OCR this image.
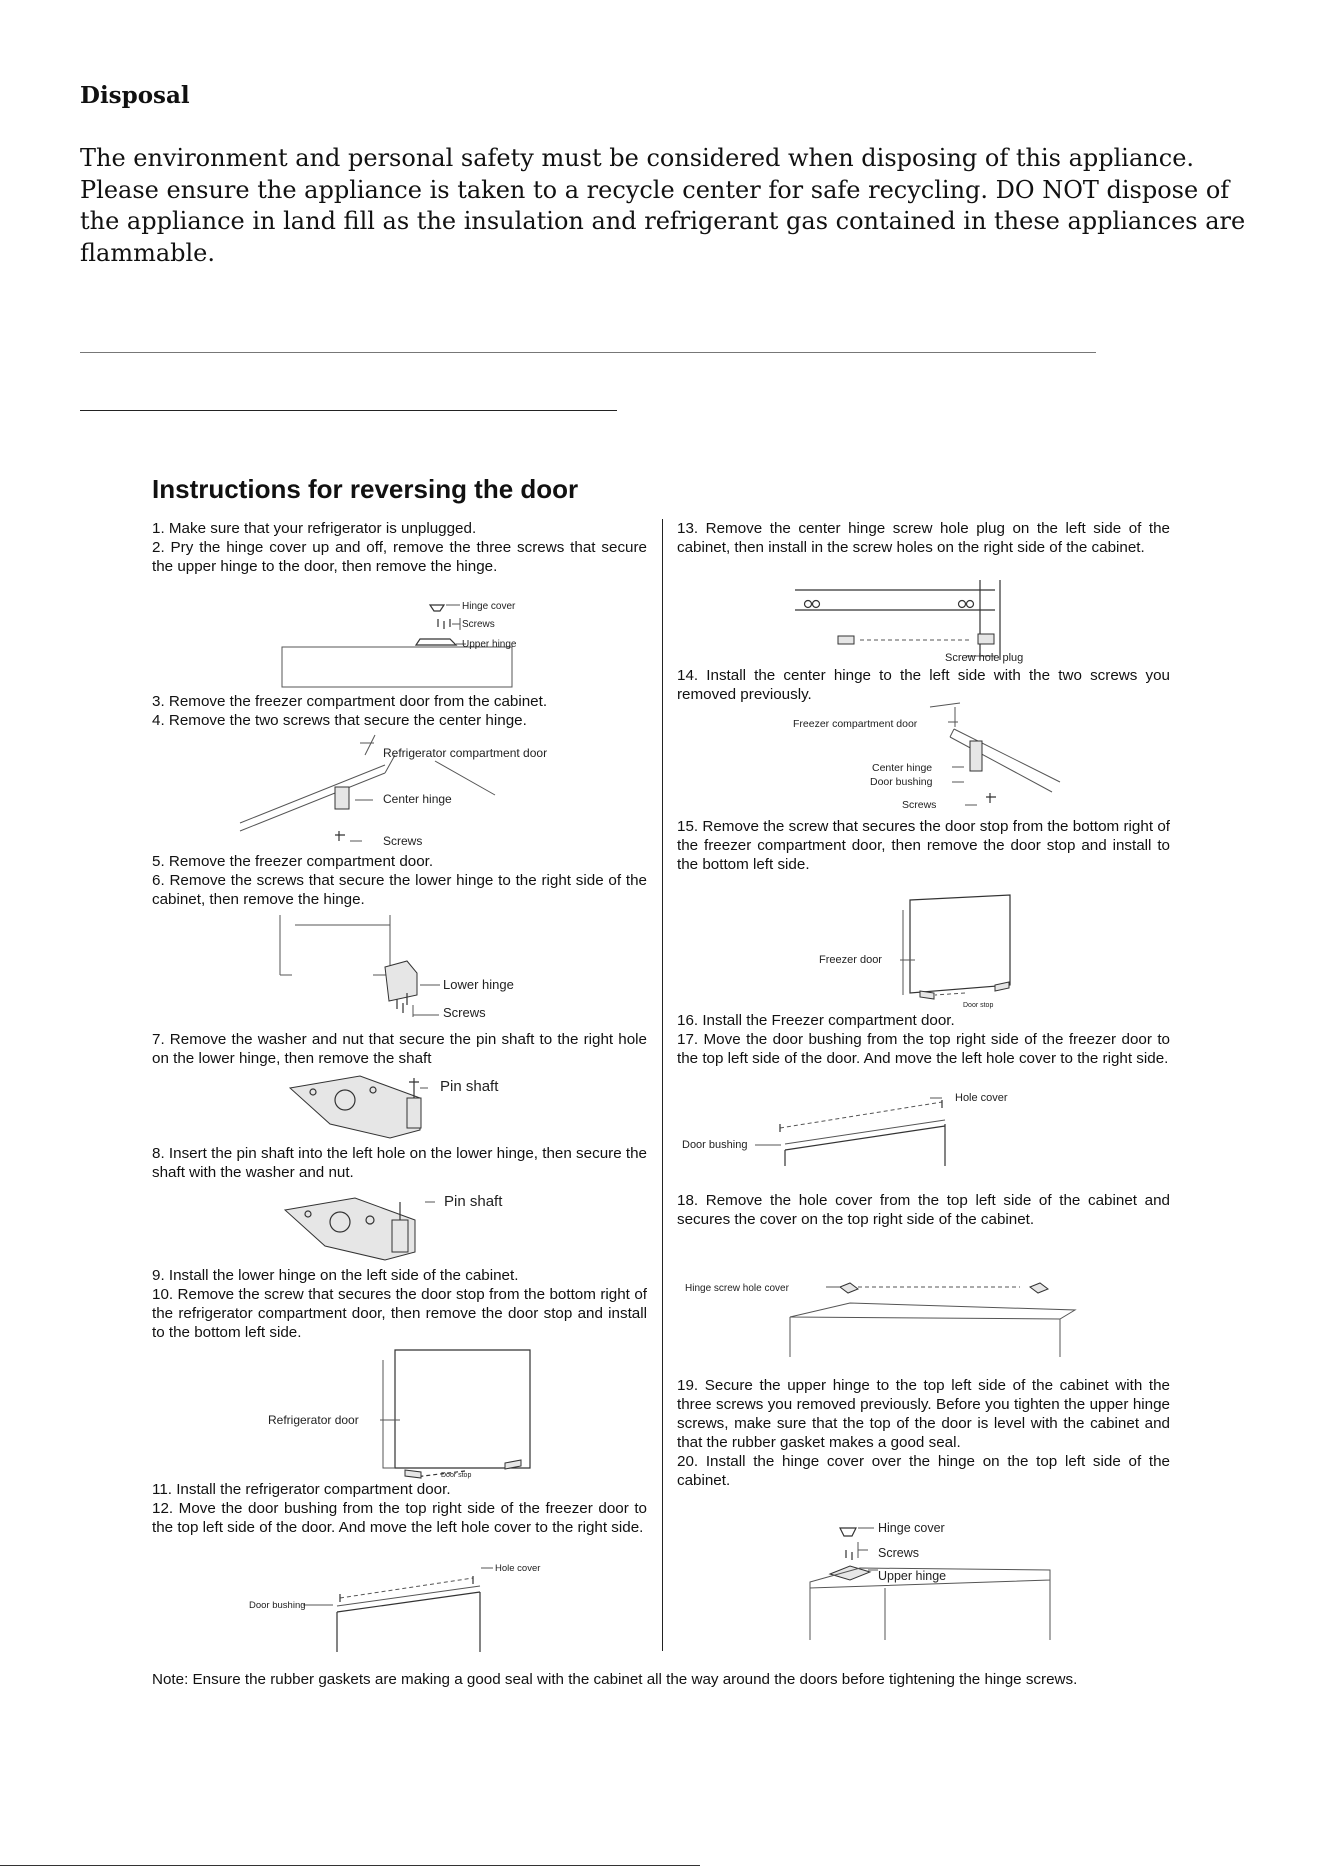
Disposal
The environment and personal safety must be considered when disposing of this appliance. Please ensure the appliance is taken to a recycle center for safe recycling. DO NOT dispose of the appliance in land fill as the insulation and refrigerant gas contained in these appliances are flammable.
Instructions for reversing the door

1. Make sure that your refrigerator is unplugged.

2. Pry the hinge cover up and off, remove the three screws that secure the upper hinge to the door, then remove the hinge.

3. Remove the freezer compartment door from the cabinet.

4. Remove the two screws that secure the center hinge.

5. Remove the freezer compartment door.

6. Remove the screws that secure the lower hinge to the right side of the cabinet, then remove the hinge.

7. Remove the washer and nut that secure the pin shaft to the right hole on the lower hinge, then remove the shaft

8. Insert the pin shaft into the left hole on the lower hinge, then secure the shaft with the washer and nut.

9. Install the lower hinge on the left side of the cabinet.

10. Remove the screw that secures the door stop from the bottom right of the refrigerator compartment door, then remove the door stop and install to the bottom left side.

11. Install the refrigerator compartment door.

12. Move the door bushing from the top right side of the freezer door to the top left side of the door. And move the left hole cover to the right side.

13. Remove the center hinge screw hole plug on the left side of the cabinet, then install in the screw holes on the right side of the cabinet.

14. Install the center hinge to the left side with the two screws you removed previously.

15. Remove the screw that secures the door stop from the bottom right of the freezer compartment door, then remove the door stop and install to the bottom left side.

16. Install the Freezer compartment door.

17. Move the door bushing from the top right side of the freezer door to the top left side of the door. And move the left hole cover to the right side.

18. Remove the hole cover from the top left side of the cabinet and secures the cover on the top right side of the cabinet.

19. Secure the upper hinge to the top left side of the cabinet with the three screws you removed previously. Before you tighten the upper hinge screws, make sure that the top of the door is level with the cabinet and that the rubber gasket makes a good seal.

20. Install the hinge cover over the hinge on the top left side of the cabinet.

Hinge cover
Screws
Upper hinge
Refrigerator compartment door
Center hinge
Screws
Lower hinge
Screws
Pin shaft
Pin shaft
Refrigerator door
Door stop
Door bushing
Hole cover
Screw hole plug
Freezer compartment door
Center hinge
Door bushing
Screws
Freezer door
Door stop
Door bushing
Hole cover
Hinge screw hole cover
Hinge cover
Screws
Upper hinge
Note: Ensure the rubber gaskets are making a good seal with the cabinet all the way around the doors before tightening the hinge screws.
